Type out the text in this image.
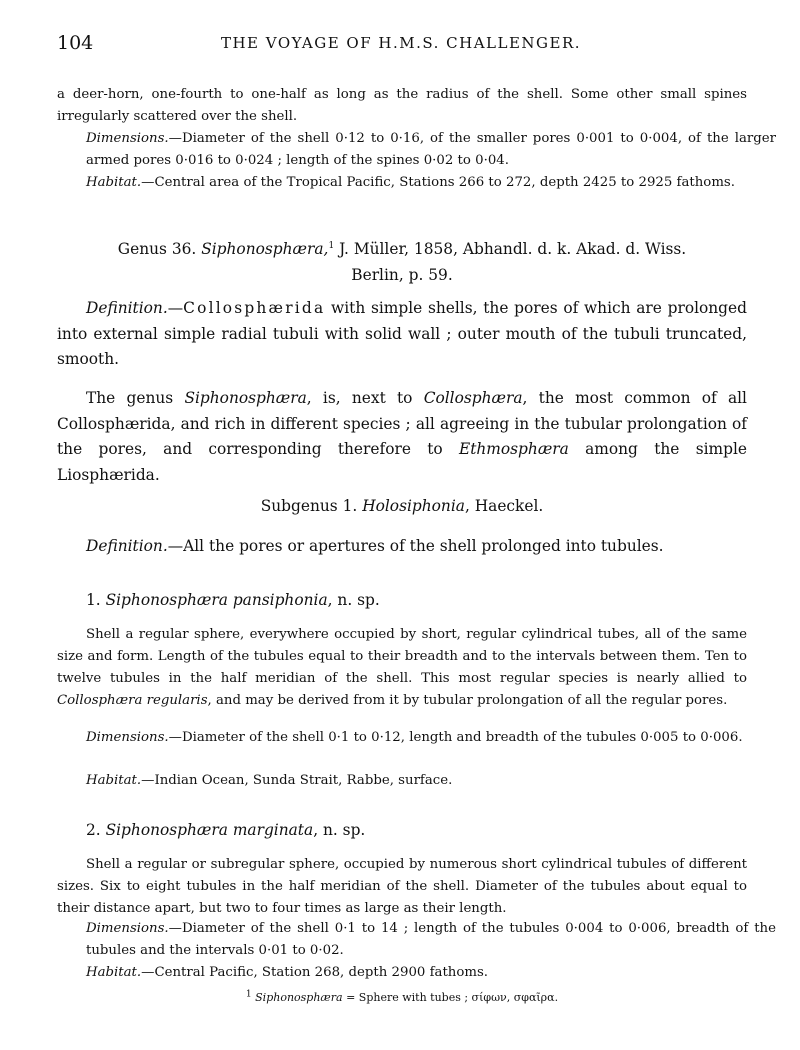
104	THE VOYAGE OF H.M.S. CHALLENGER.
a deer-horn, one-fourth to one-half as long as the radius of the shell. Some other small spines irregularly scattered over the shell.
Dimensions.—Diameter of the shell 0·12 to 0·16, of the smaller pores 0·001 to 0·004, of the larger armed pores 0·016 to 0·024 ; length of the spines 0·02 to 0·04.
Habitat.—Central area of the Tropical Pacific, Stations 266 to 272, depth 2425 to 2925 fathoms.
Genus 36. Siphonosphæra,$^1$ J. Müller, 1858, Abhandl. d. k. Akad. d. Wiss.
Berlin, p. 59.
Definition.—Collosphærida with simple shells, the pores of which are prolonged into external simple radial tubuli with solid wall ; outer mouth of the tubuli truncated, smooth.
The genus Siphonosphæra, is, next to Collosphæra, the most common of all Collosphærida, and rich in different species ; all agreeing in the tubular prolongation of the pores, and corresponding therefore to Ethmosphæra among the simple Liosphærida.
Subgenus 1. Holosiphonia, Haeckel.
Definition.—All the pores or apertures of the shell prolonged into tubules.
1. Siphonosphæra pansiphonia, n. sp.
Shell a regular sphere, everywhere occupied by short, regular cylindrical tubes, all of the same size and form. Length of the tubules equal to their breadth and to the intervals between them. Ten to twelve tubules in the half meridian of the shell. This most regular species is nearly allied to Collosphæra regularis, and may be derived from it by tubular prolongation of all the regular pores.
Dimensions.—Diameter of the shell 0·1 to 0·12, length and breadth of the tubules 0·005 to 0·006.
Habitat.—Indian Ocean, Sunda Strait, Rabbe, surface.
2. Siphonosphæra marginata, n. sp.
Shell a regular or subregular sphere, occupied by numerous short cylindrical tubules of different sizes. Six to eight tubules in the half meridian of the shell. Diameter of the tubules about equal to their distance apart, but two to four times as large as their length.
Dimensions.—Diameter of the shell 0·1 to 14 ; length of the tubules 0·004 to 0·006, breadth of the tubules and the intervals 0·01 to 0·02.
Habitat.—Central Pacific, Station 268, depth 2900 fathoms.
$^1$ Siphonosphæra = Sphere with tubes ; σίφων, σφαῖρα.
